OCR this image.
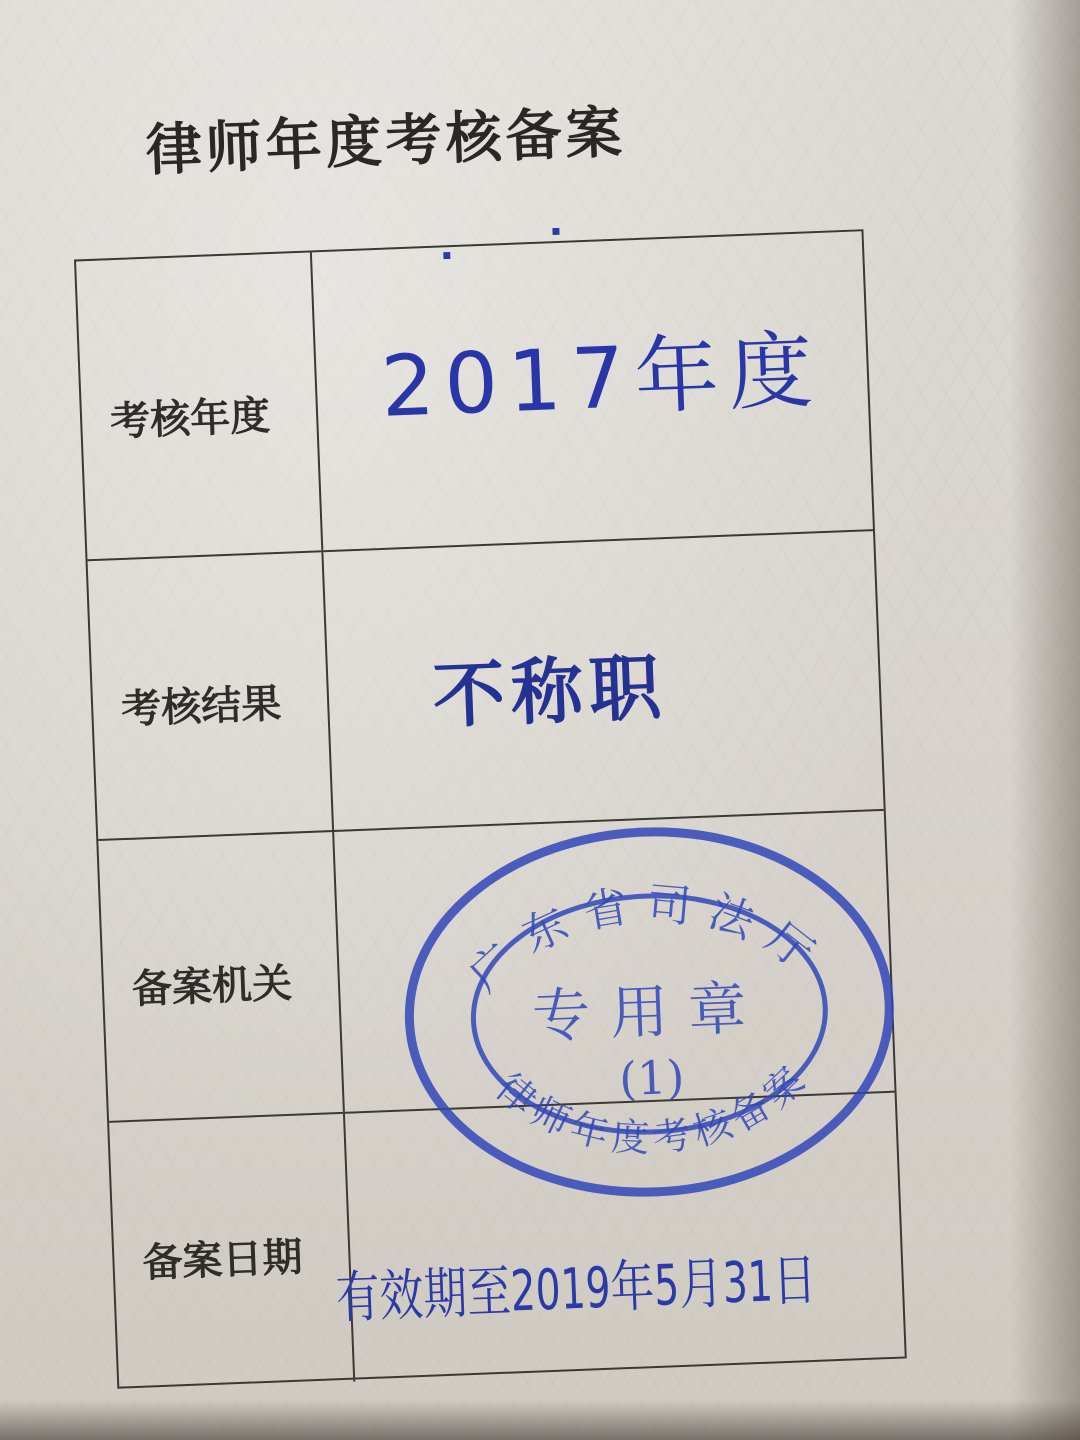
律师年度考核备案
▪
▪
考核年度 2017年度
考核结果 不称职
备案机关
备案日期 有效期至2019年5月31日
广东省司法厅
律师年度考核备案
专用章
(1)
